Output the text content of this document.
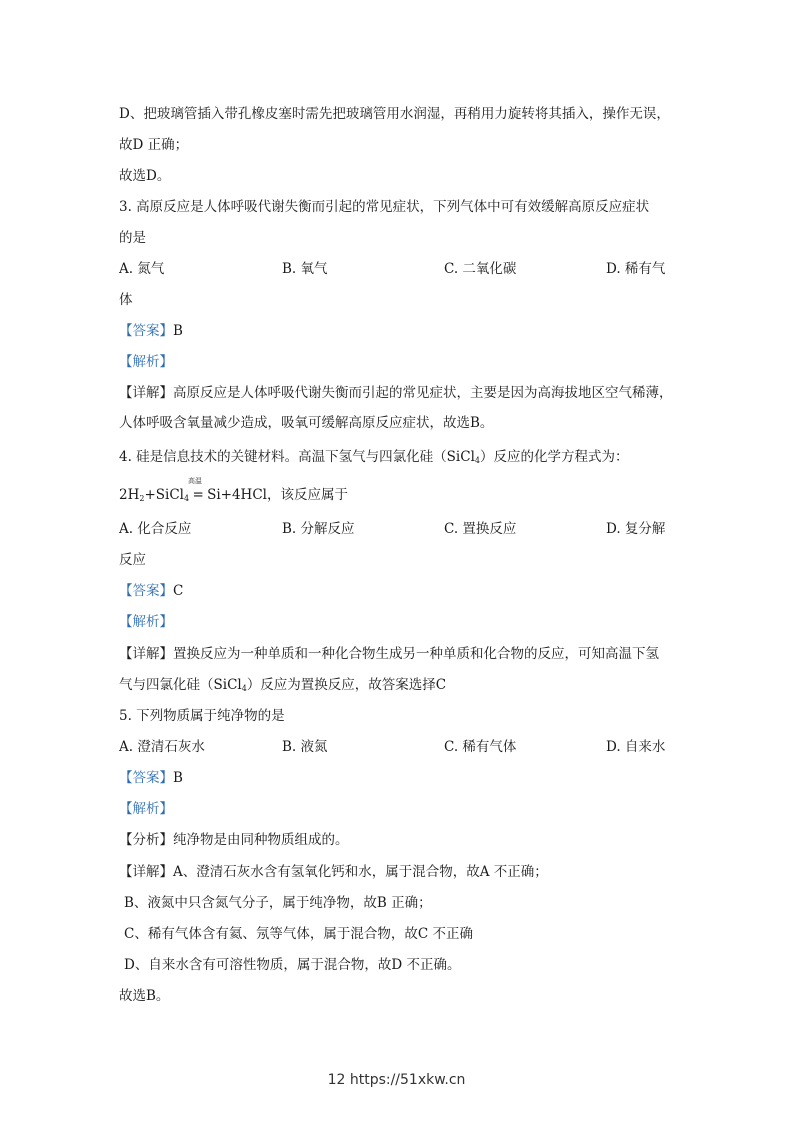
D、把玻璃管插入带孔橡皮塞时需先把玻璃管用水润湿，再稍用力旋转将其插入，操作无误，
故D 正确；
故选D。
3. 高原反应是人体呼吸代谢失衡而引起的常见症状，下列气体中可有效缓解高原反应症状
的是
A. 氮气	B. 氧气	C. 二氧化碳	D. 稀有气
体
【答案】B
【解析】
【详解】高原反应是人体呼吸代谢失衡而引起的常见症状，主要是因为高海拔地区空气稀薄，
人体呼吸含氧量减少造成，吸氧可缓解高原反应症状，故选B。
4. 硅是信息技术的关键材料。高温下氢气与四氯化硅（SiCl$_4$）反应的化学方程式为：
高温
$2H_2+SiCl_4 = Si+4HCl$，该反应属于
A. 化合反应	B. 分解反应	C. 置换反应	D. 复分解
反应
【答案】C
【解析】
【详解】置换反应为一种单质和一种化合物生成另一种单质和化合物的反应，可知高温下氢
气与四氯化硅（SiCl$_4$）反应为置换反应，故答案选择C
5. 下列物质属于纯净物的是
A. 澄清石灰水	B. 液氮	C. 稀有气体	D. 自来水
【答案】B
【解析】
【分析】纯净物是由同种物质组成的。
【详解】A、澄清石灰水含有氢氧化钙和水，属于混合物，故A 不正确；
B、液氮中只含氮气分子，属于纯净物，故B 正确；
C、稀有气体含有氦、氖等气体，属于混合物，故C 不正确
D、自来水含有可溶性物质，属于混合物，故D 不正确。
故选B。
12 https://51xkw.cn
